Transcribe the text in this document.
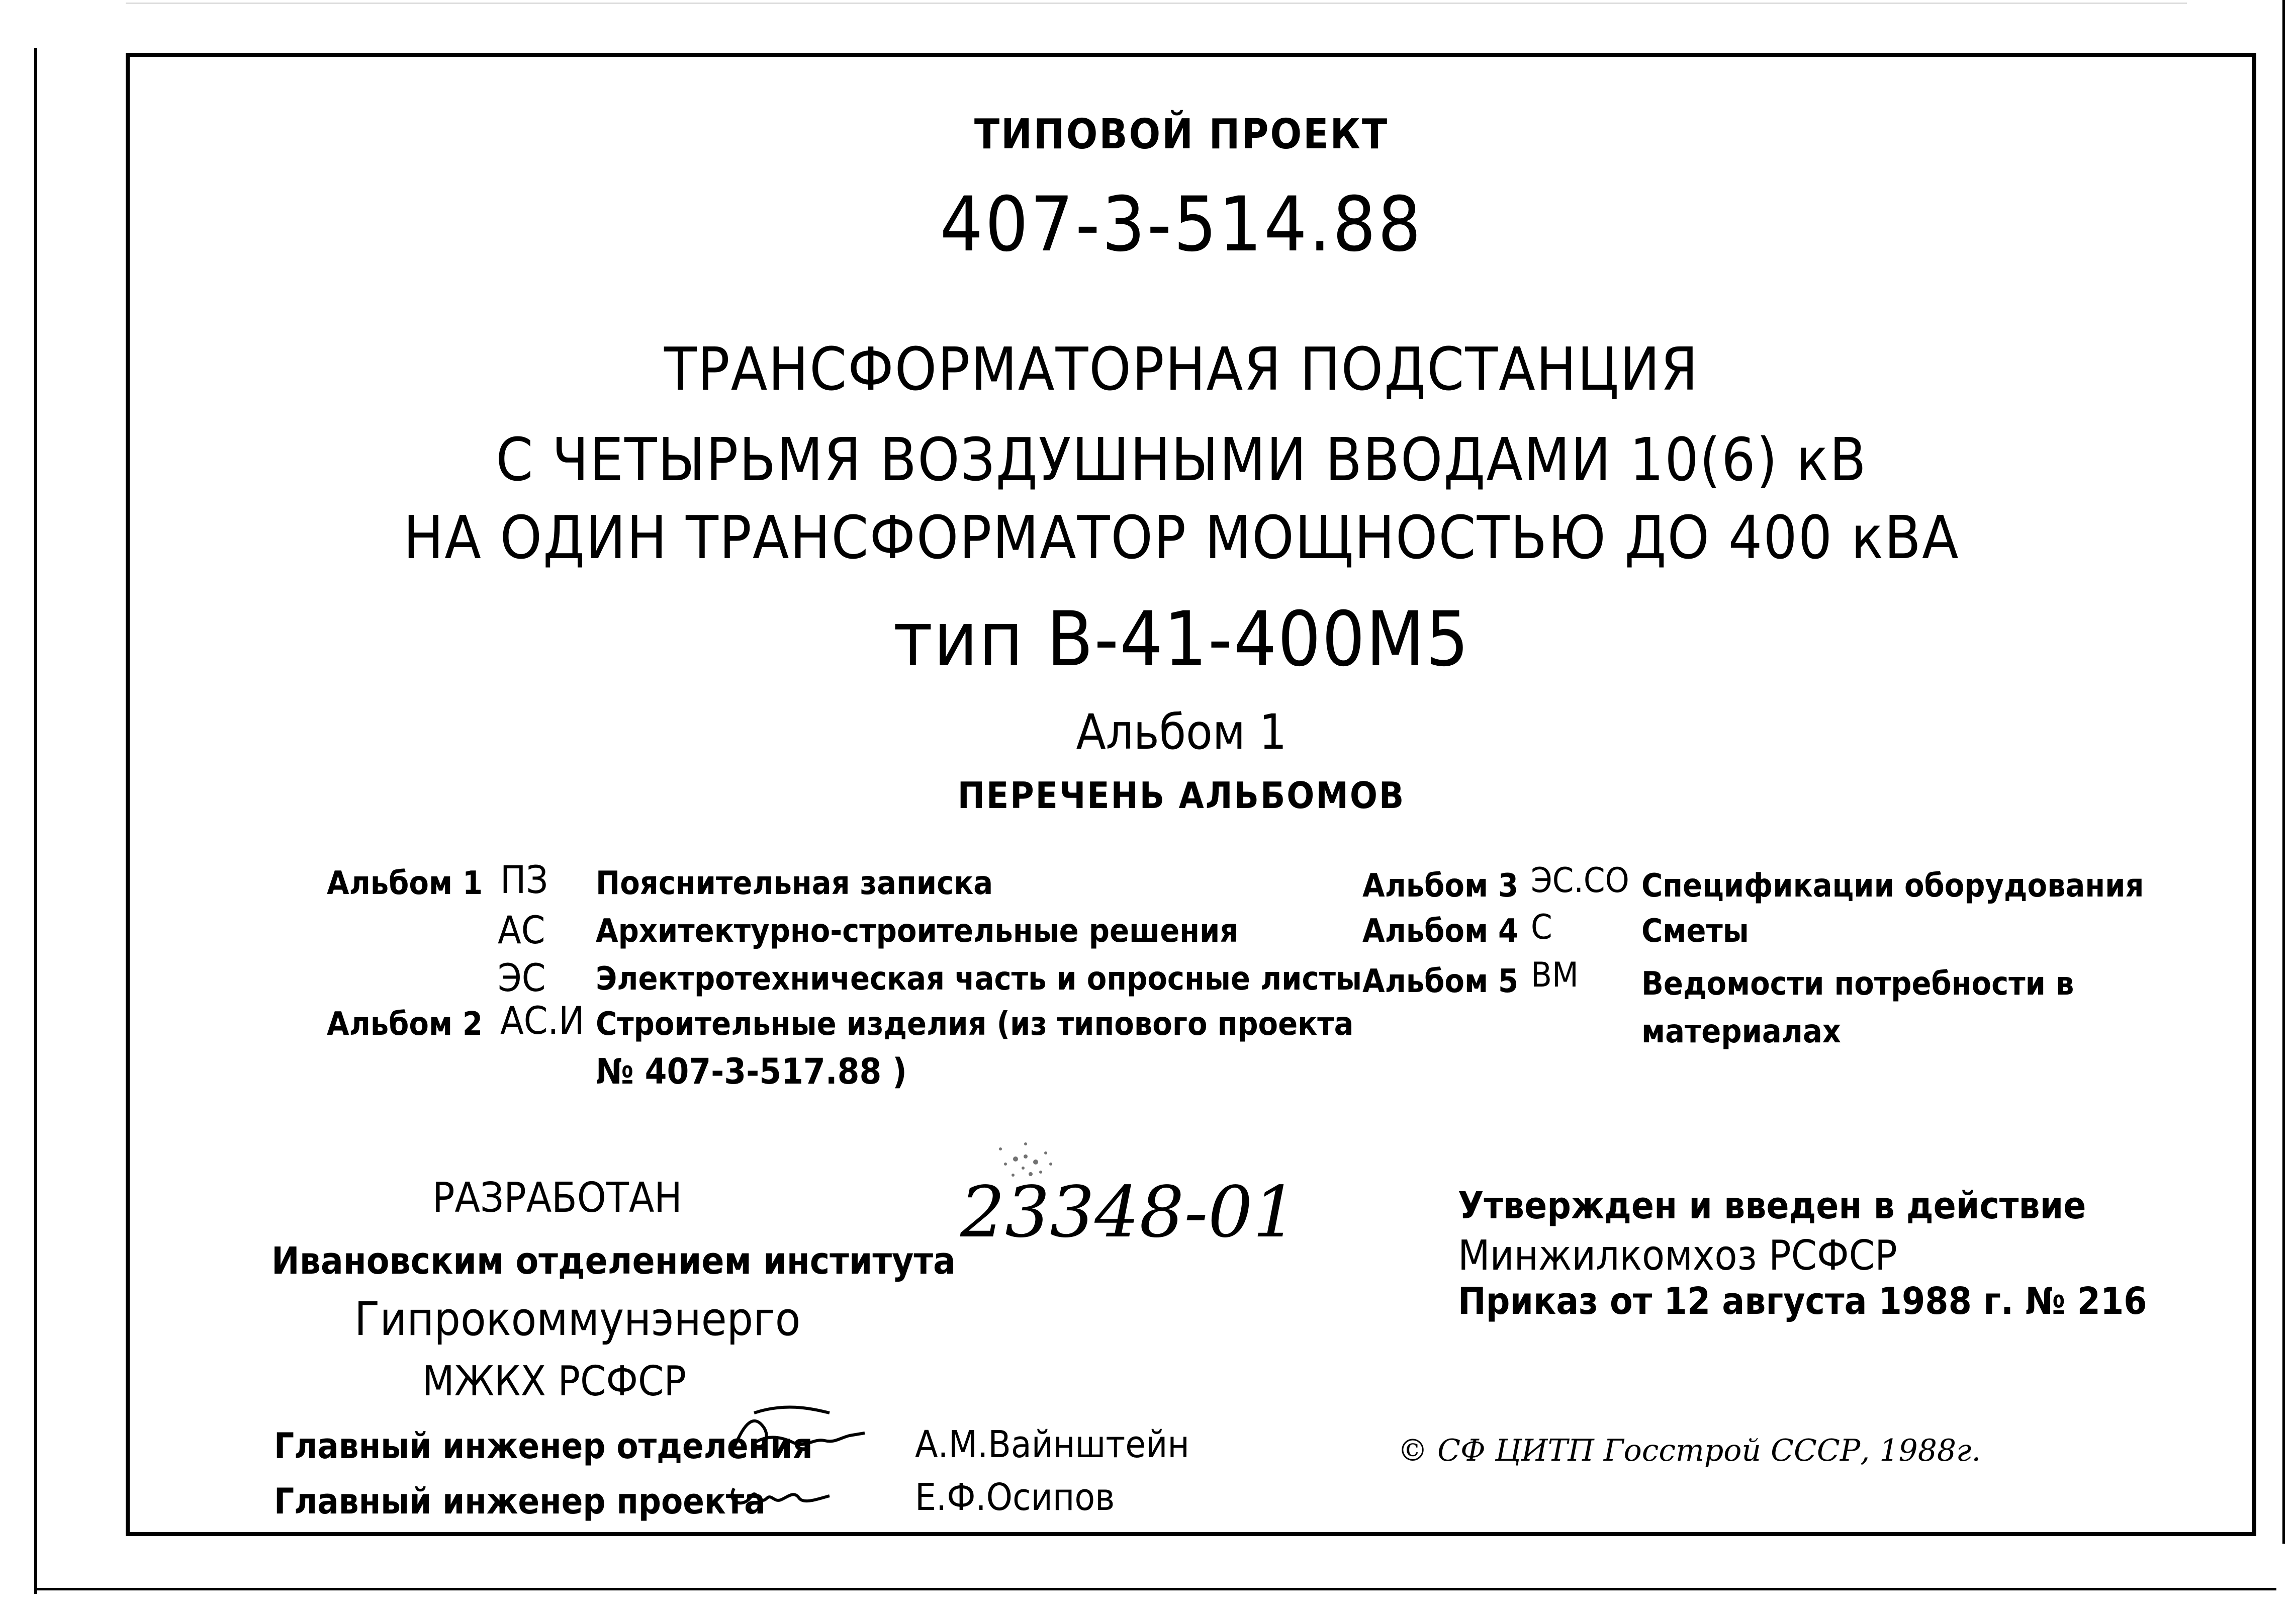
ТИПОВОЙ ПРОЕКТ
407-3-514.88
ТРАНСФОРМАТОРНАЯ ПОДСТАНЦИЯ
С ЧЕТЫРЬМЯ ВОЗДУШНЫМИ ВВОДАМИ 10(6) кВ
НА ОДИН ТРАНСФОРМАТОР МОЩНОСТЬЮ ДО 400 кВА
тип В-41-400М5
Альбом 1
ПЕРЕЧЕНЬ АЛЬБОМОВ
Альбом 1 ПЗ Пояснительная записка
АС Архитектурно-строительные решения
ЭС Электротехническая часть и опросные листы
Альбом 2 АС.И Строительные изделия (из типового проекта
№ 407-3-517.88 )
Альбом 3 ЭС.СО Спецификации оборудования
Альбом 4 С	Сметы
Альбом 5 ВМ Ведомости потребности в
материалах
23348-01
РАЗРАБОТАН
Ивановским отделением института
Гипрокоммунэнерго
МЖКХ РСФСР
Утвержден и введен в действие
Минжилкомхоз РСФСР
Приказ от 12 августа 1988 г. № 216
Главный инженер отделения	А.М.Вайнштейн
Главный инженер проекта	Е.Ф.Осипов
© СФ ЦИТП Госстрой СССР, 1988г.
